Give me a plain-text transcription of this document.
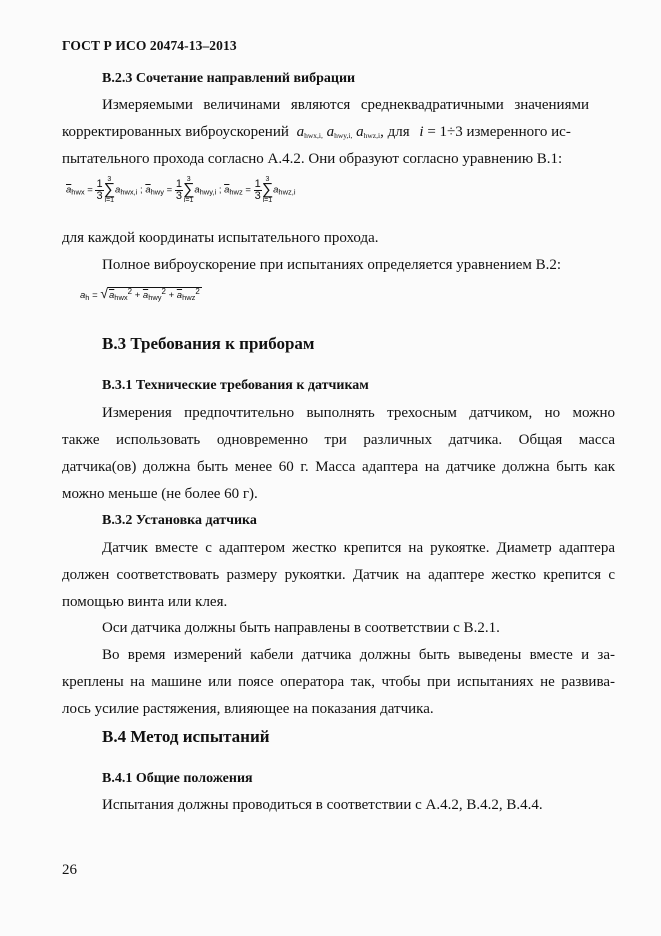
ГОСТ Р ИСО 20474-13–2013
В.2.3 Сочетание направлений вибрации
Измеряемыми величинами являются среднеквадратичными значениями
корректированных виброускорений $a_{hwx,i,}$ $a_{hwy,i,}$ $a_{hwz,i}$, для i = 1÷3 измеренного ис-
пытательного прохода согласно А.4.2. Они образуют согласно уравнению В.1:
$\overline{a}_{hwx} = \frac{1}{3} 3$
∑
$i=1a_{hwx,i}$ ; $\overline{a}_{hwy} = \frac{1}{3} 3$
∑
$i=1a_{hwy,i}$ ; $\overline{a}_{hwz} = \frac{1}{3} 3$
∑
$i=1a_{hwz,i}$
для каждой координаты испытательного прохода.
Полное виброускорение при испытаниях определяется уравнением В.2:
$a_h = √a_{hwx}^2 + \overline{a}_{hwy}^2 + \overline{a}_{hwz}^2$
В.3 Требования к приборам
В.3.1 Технические требования к датчикам
Измерения предпочтительно выполнять трехосным датчиком, но можно
также использовать одновременно три различных датчика. Общая масса
датчика(ов) должна быть менее 60 г. Масса адаптера на датчике должна быть как
можно меньше (не более 60 г).
В.3.2 Установка датчика
Датчик вместе с адаптером жестко крепится на рукоятке. Диаметр адаптера
должен соответствовать размеру рукоятки. Датчик на адаптере жестко крепится с
помощью винта или клея.
Оси датчика должны быть направлены в соответствии с В.2.1.
Во время измерений кабели датчика должны быть выведены вместе и за-
креплены на машине или поясе оператора так, чтобы при испытаниях не развива-
лось усилие растяжения, влияющее на показания датчика.
В.4 Метод испытаний
В.4.1 Общие положения
Испытания должны проводиться в соответствии с А.4.2, В.4.2, В.4.4.
26
